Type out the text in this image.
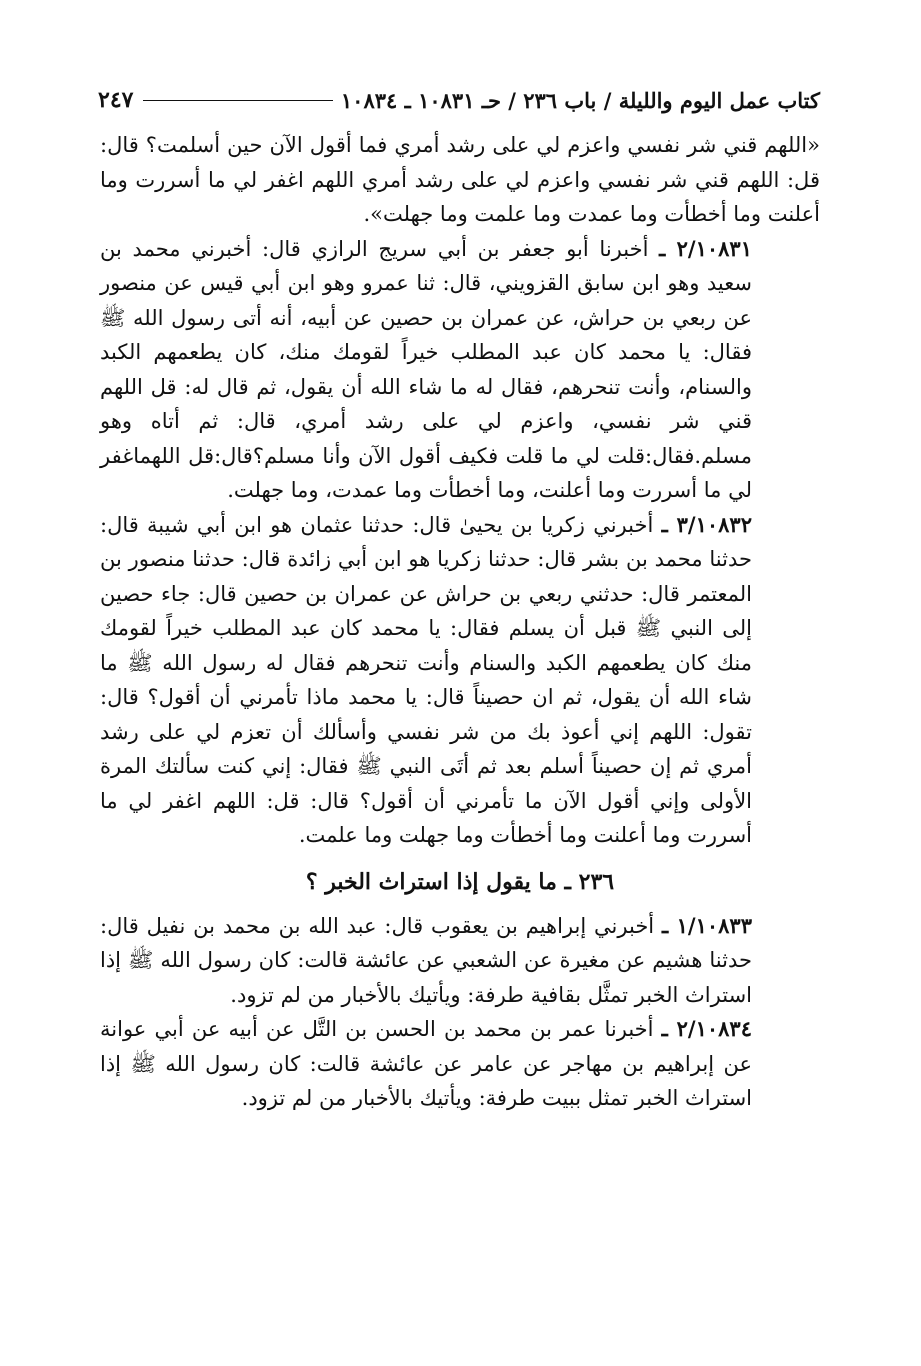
كتاب عمل اليوم والليلة / باب ٢٣٦ / حـ ١٠٨٣١ ـ ١٠٨٣٤
٢٤٧

«اللهم قني شر نفسي واعزم لي على رشد أمري فما أقول الآن حين أسلمت؟ قال: قل: اللهم قني شر نفسي واعزم لي على رشد أمري اللهم اغفر لي ما أسررت وما أعلنت وما أخطأت وما عمدت وما علمت وما جهلت».

٢/١٠٨٣١ ـ أخبرنا أبو جعفر بن أبي سريج الرازي قال: أخبرني محمد بن سعيد وهو ابن سابق القزويني، قال: ثنا عمرو وهو ابن أبي قيس عن منصور عن ربعي بن حراش، عن عمران بن حصين عن أبيه، أنه أتى رسول الله ﷺ فقال: يا محمد كان عبد المطلب خيراً لقومك منك، كان يطعمهم الكبد والسنام، وأنت تنحرهم، فقال له ما شاء الله أن يقول، ثم قال له: قل اللهم قني شر نفسي، واعزم لي على رشد أمري، قال: ثم أتاه وهو مسلم.فقال:قلت لي ما قلت فكيف أقول الآن وأنا مسلم؟قال:قل اللهماغفر لي ما أسررت وما أعلنت، وما أخطأت وما عمدت، وما جهلت.

٣/١٠٨٣٢ ـ أخبرني زكريا بن يحيىٰ قال: حدثنا عثمان هو ابن أبي شيبة قال: حدثنا محمد بن بشر قال: حدثنا زكريا هو ابن أبي زائدة قال: حدثنا منصور بن المعتمر قال: حدثني ربعي بن حراش عن عمران بن حصين قال: جاء حصين إلى النبي ﷺ قبل أن يسلم فقال: يا محمد كان عبد المطلب خيراً لقومك منك كان يطعمهم الكبد والسنام وأنت تنحرهم فقال له رسول الله ﷺ ما شاء الله أن يقول، ثم ان حصيناً قال: يا محمد ماذا تأمرني أن أقول؟ قال: تقول: اللهم إني أعوذ بك من شر نفسي وأسألك أن تعزم لي على رشد أمري ثم إن حصيناً أسلم بعد ثم أتَى النبي ﷺ فقال: إني كنت سألتك المرة الأولى وإني أقول الآن ما تأمرني أن أقول؟ قال: قل: اللهم اغفر لي ما أسررت وما أعلنت وما أخطأت وما جهلت وما علمت.

٢٣٦ ـ ما يقول إذا استراث الخبر ؟

١/١٠٨٣٣ ـ أخبرني إبراهيم بن يعقوب قال: عبد الله بن محمد بن نفيل قال: حدثنا هشيم عن مغيرة عن الشعبي عن عائشة قالت: كان رسول الله ﷺ إذا استراث الخبر تمثَّل بقافية طرفة: ويأتيك بالأخبار من لم تزود.

٢/١٠٨٣٤ ـ أخبرنا عمر بن محمد بن الحسن بن التَّل عن أبيه عن أبي عوانة عن إبراهيم بن مهاجر عن عامر عن عائشة قالت: كان رسول الله ﷺ إذا استراث الخبر تمثل ببيت طرفة: ويأتيك بالأخبار من لم تزود.
